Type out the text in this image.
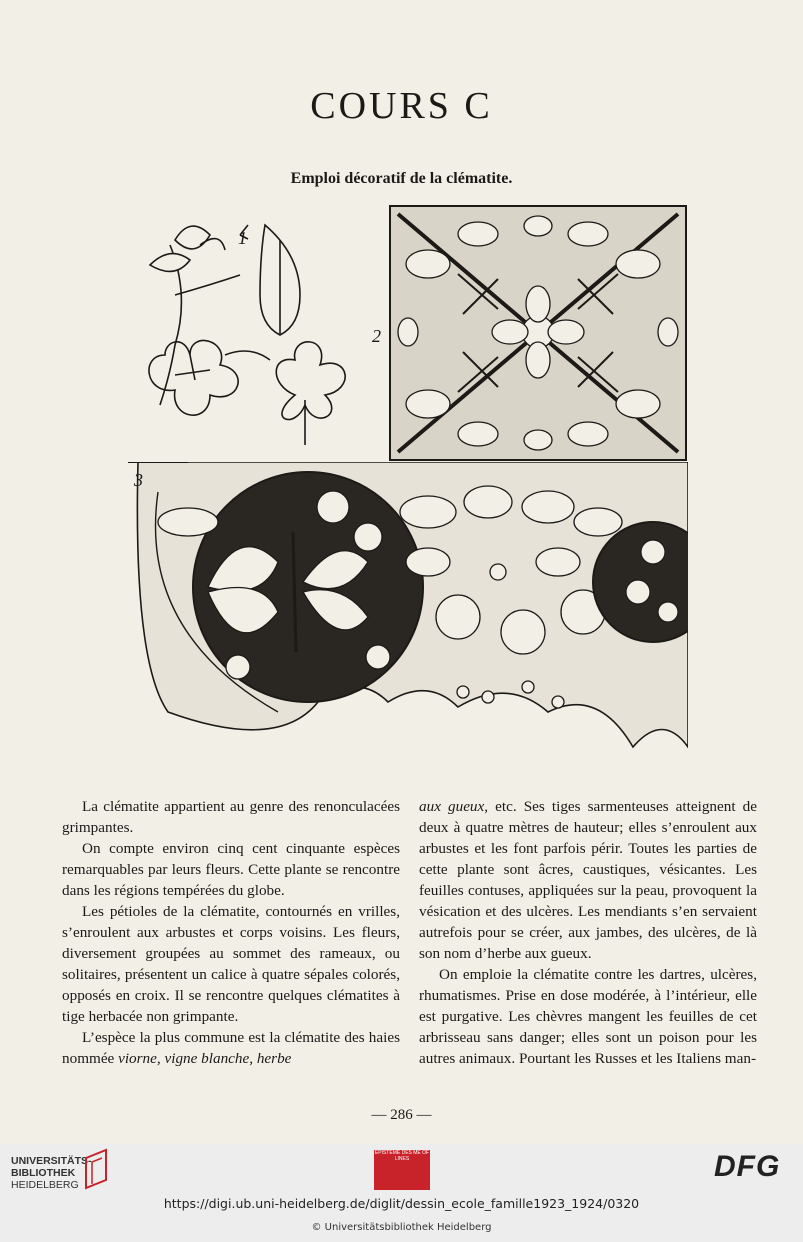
COURS C
Emploi décoratif de la clématite.
1
2
3

La clématite appartient au genre des renonculacées grimpantes.

On compte environ cinq cent cinquante espèces remarquables par leurs fleurs. Cette plante se rencontre dans les régions tempérées du globe.

Les pétioles de la clématite, contournés en vrilles, s’enroulent aux arbustes et corps voisins. Les fleurs, diversement groupées au sommet des rameaux, ou solitaires, présentent un calice à quatre sépales colorés, opposés en croix. Il se rencontre quelques clématites à tige herbacée non grimpante.

L’espèce la plus commune est la clématite des haies nommée viorne, vigne blanche, herbe

aux gueux, etc. Ses tiges sarmenteuses atteignent de deux à quatre mètres de hauteur; elles s’enroulent aux arbustes et les font parfois périr. Toutes les parties de cette plante sont âcres, caustiques, vésicantes. Les feuilles contuses, appliquées sur la peau, provoquent la vésication et des ulcères. Les mendiants s’en servaient autrefois pour se créer, aux jambes, des ulcères, de là son nom d’herbe aux gueux.

On emploie la clématite contre les dartres, ulcères, rhumatismes. Prise en dose modérée, à l’intérieur, elle est purgative. Les chèvres mangent les feuilles de cet arbrisseau sans danger; elles sont un poison pour les autres animaux. Pourtant les Russes et les Italiens man-

— 286 —
UNIVERSITÄTS-
BIBLIOTHEK
HEIDELBERG
EPISTEME DES ME OF LINES	DFG
https://digi.ub.uni-heidelberg.de/diglit/dessin_ecole_famille1923_1924/0320
© Universitätsbibliothek Heidelberg
